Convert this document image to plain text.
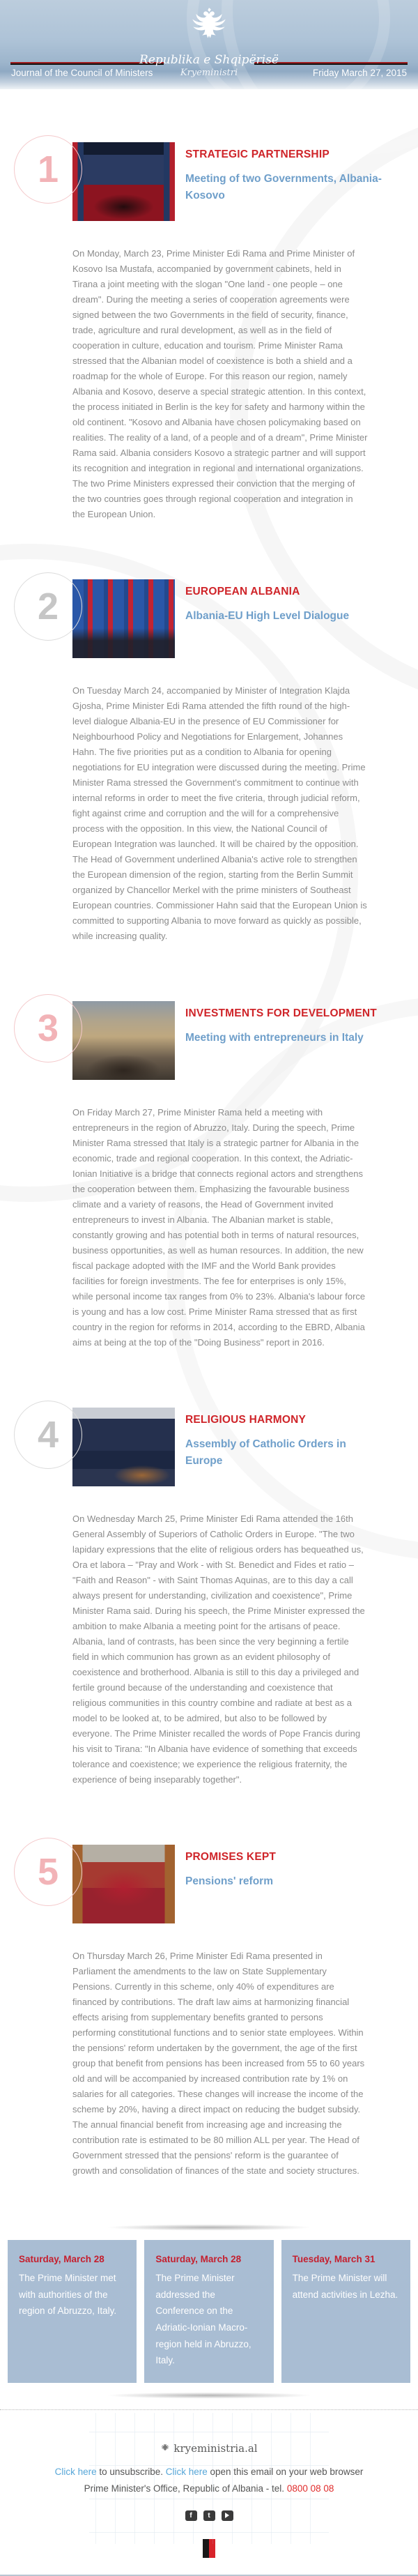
Republika e Shqipërisë
Kryeministri
Journal of the Council of Ministers	Friday March 27, 2015
1	STRATEGIC PARTNERSHIP
Meeting of two Governments, Albania-Kosovo
On Monday, March 23, Prime Minister Edi Rama and Prime Minister of Kosovo Isa Mustafa, accompanied by government cabinets, held in Tirana a joint meeting with the slogan "One land - one people – one dream". During the meeting a series of cooperation agreements were signed between the two Governments in the field of security, finance, trade, agriculture and rural development, as well as in the field of cooperation in culture, education and tourism. Prime Minister Rama stressed that the Albanian model of coexistence is both a shield and a roadmap for the whole of Europe. For this reason our region, namely Albania and Kosovo, deserve a special strategic attention. In this context, the process initiated in Berlin is the key for safety and harmony within the old continent. "Kosovo and Albania have chosen policymaking based on realities. The reality of a land, of a people and of a dream", Prime Minister Rama said. Albania considers Kosovo a strategic partner and will support its recognition and integration in regional and international organizations. The two Prime Ministers expressed their conviction that the merging of the two countries goes through regional cooperation and integration in the European Union.
2	EUROPEAN ALBANIA
Albania-EU High Level Dialogue
On Tuesday March 24, accompanied by Minister of Integration Klajda Gjosha, Prime Minister Edi Rama attended the fifth round of the high-level dialogue Albania-EU in the presence of EU Commissioner for Neighbourhood Policy and Negotiations for Enlargement, Johannes Hahn. The five priorities put as a condition to Albania for opening negotiations for EU integration were discussed during the meeting. Prime Minister Rama stressed the Government's commitment to continue with internal reforms in order to meet the five criteria, through judicial reform, fight against crime and corruption and the will for a comprehensive process with the opposition. In this view, the National Council of European Integration was launched. It will be chaired by the opposition. The Head of Government underlined Albania's active role to strengthen the European dimension of the region, starting from the Berlin Summit organized by Chancellor Merkel with the prime ministers of Southeast European countries. Commissioner Hahn said that the European Union is committed to supporting Albania to move forward as quickly as possible, while increasing quality.
3	INVESTMENTS FOR DEVELOPMENT
Meeting with entrepreneurs in Italy
On Friday March 27, Prime Minister Rama held a meeting with entrepreneurs in the region of Abruzzo, Italy. During the speech, Prime Minister Rama stressed that Italy is a strategic partner for Albania in the economic, trade and regional cooperation. In this context, the Adriatic-Ionian Initiative is a bridge that connects regional actors and strengthens the cooperation between them. Emphasizing the favourable business climate and a variety of reasons, the Head of Government invited entrepreneurs to invest in Albania. The Albanian market is stable, constantly growing and has potential both in terms of natural resources, business opportunities, as well as human resources. In addition, the new fiscal package adopted with the IMF and the World Bank provides facilities for foreign investments. The fee for enterprises is only 15%, while personal income tax ranges from 0% to 23%. Albania's labour force is young and has a low cost. Prime Minister Rama stressed that as first country in the region for reforms in 2014, according to the EBRD, Albania aims at being at the top of the "Doing Business" report in 2016.
4	RELIGIOUS HARMONY
Assembly of Catholic Orders in Europe
On Wednesday March 25, Prime Minister Edi Rama attended the 16th General Assembly of Superiors of Catholic Orders in Europe. "The two lapidary expressions that the elite of religious orders has bequeathed us, Ora et labora – "Pray and Work - with St. Benedict and Fides et ratio – "Faith and Reason" - with Saint Thomas Aquinas, are to this day a call always present for understanding, civilization and coexistence", Prime Minister Rama said. During his speech, the Prime Minister expressed the ambition to make Albania a meeting point for the artisans of peace. Albania, land of contrasts, has been since the very beginning a fertile field in which communion has grown as an evident philosophy of coexistence and brotherhood. Albania is still to this day a privileged and fertile ground because of the understanding and coexistence that religious communities in this country combine and radiate at best as a model to be looked at, to be admired, but also to be followed by everyone. The Prime Minister recalled the words of Pope Francis during his visit to Tirana: "In Albania have evidence of something that exceeds tolerance and coexistence; we experience the religious fraternity, the experience of being inseparably together".
5	PROMISES KEPT
Pensions' reform
On Thursday March 26, Prime Minister Edi Rama presented in Parliament the amendments to the law on State Supplementary Pensions. Currently in this scheme, only 40% of expenditures are financed by contributions. The draft law aims at harmonizing financial effects arising from supplementary benefits granted to persons performing constitutional functions and to senior state employees. Within the pensions' reform undertaken by the government, the age of the first group that benefit from pensions has been increased from 55 to 60 years old and will be accompanied by increased contribution rate by 1% on salaries for all categories. These changes will increase the income of the scheme by 20%, having a direct impact on reducing the budget subsidy. The annual financial benefit from increasing age and increasing the contribution rate is estimated to be 80 million ALL per year. The Head of Government stressed that the pensions' reform is the guarantee of growth and consolidation of finances of the state and society structures.
Saturday, March 28
The Prime Minister met with authorities of the region of Abruzzo, Italy.
Saturday, March 28
The Prime Minister addressed the Conference on the Adriatic-Ionian Macro-region held in Abruzzo, Italy.
Tuesday, March 31
The Prime Minister will attend activities in Lezha.
kryeministria.al
Click here to unsubscribe. Click here open this email on your web browser
Prime Minister's Office, Republic of Albania - tel. 0800 08 08
f	t
